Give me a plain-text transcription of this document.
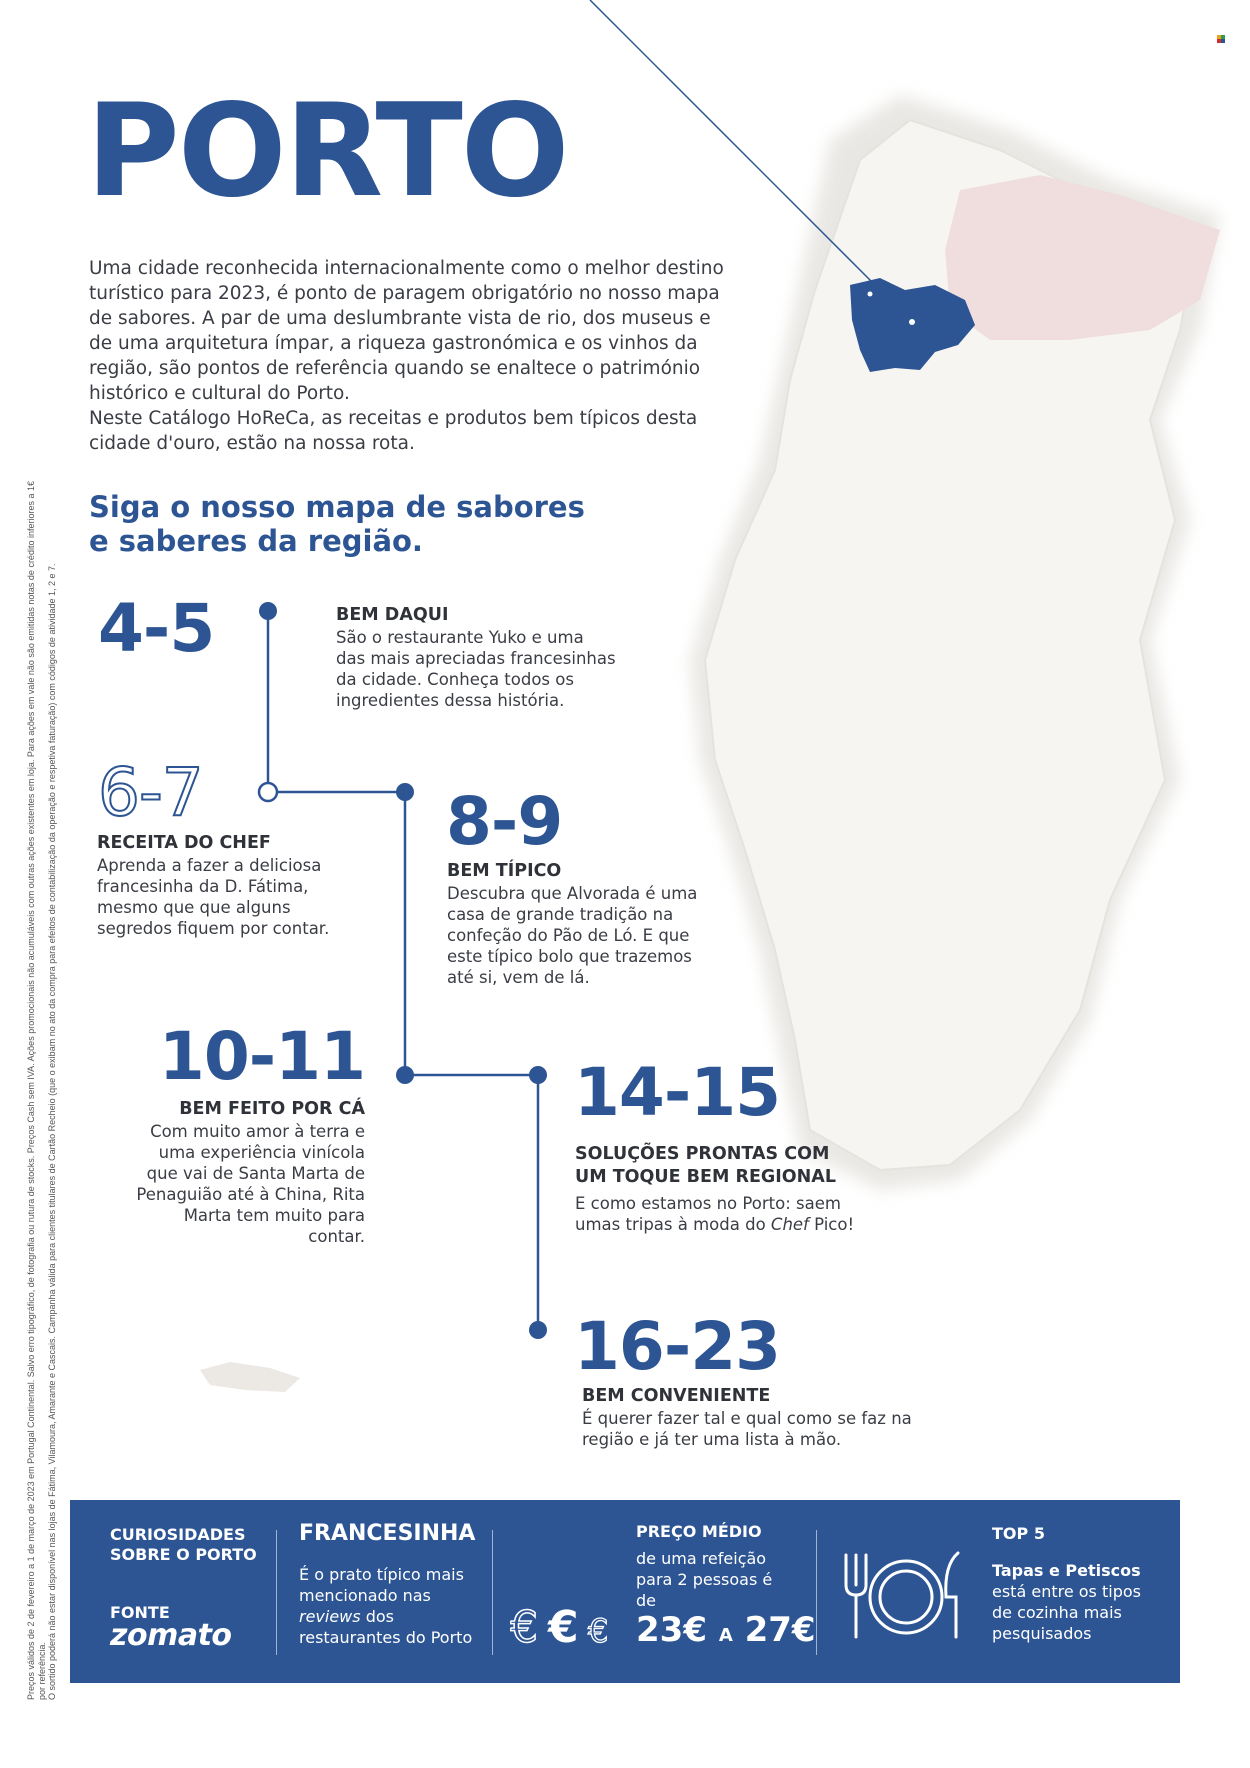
PORTO

Uma cidade reconhecida internacionalmente como o melhor destino turístico para 2023, é ponto de paragem obrigatório no nosso mapa de sabores. A par de uma deslumbrante vista de rio, dos museus e de uma arquitetura ímpar, a riqueza gastronómica e os vinhos da região, são pontos de referência quando se enaltece o património histórico e cultural do Porto.

Neste Catálogo HoReCa, as receitas e produtos bem típicos desta cidade d'ouro, estão na nossa rota.

Siga o nosso mapa de sabores e saberes da região.
4-5	BEM DAQUI
São o restaurante Yuko e uma das mais apreciadas francesinhas da cidade. Conheça todos os ingredientes dessa história.
6-7
RECEITA DO CHEF
Aprenda a fazer a deliciosa francesinha da D. Fátima, mesmo que que alguns segredos fiquem por contar.
8-9
BEM TÍPICO
Descubra que Alvorada é uma casa de grande tradição na confeção do Pão de Ló. E que este típico bolo que trazemos até si, vem de lá.
10-11
BEM FEITO POR CÁ
Com muito amor à terra e uma experiência vinícola que vai de Santa Marta de Penaguião até à China, Rita Marta tem muito para contar.
14-15
SOLUÇÕES PRONTAS COM UM TOQUE BEM REGIONAL
E como estamos no Porto: saem umas tripas à moda do Chef Pico!
16-23
BEM CONVENIENTE
É querer fazer tal e qual como se faz na região e já ter uma lista à mão.

Preços válidos de 2 de fevereiro a 1 de março de 2023 em Portugal Continental. Salvo erro tipográfico, de fotografia ou rutura de stocks. Preços Cash sem IVA. Ações promocionais não acumuláveis com outras ações existentes em loja. Para ações em vale não são emitidas notas de crédito inferiores a 1€ por referência. O sortido poderá não estar disponível nas lojas de Fátima, Vilamoura, Amarante e Cascais. Campanha válida para clientes titulares de Cartão Recheio (que o exibam no ato da compra para efeitos de contabilização da operação e respetiva faturação) com códigos de atividade 1, 2 e 7.	CURIOSIDADES SOBRE O PORTO
FONTE
zomato
FRANCESINHA
É o prato típico mais mencionado nas reviews dos restaurantes do Porto € € €
PREÇO MÉDIO
de uma refeição para 2 pessoas é de
23€ A 27€
TOP 5
Tapas e Petiscos
está entre os tipos de cozinha mais pesquisados
